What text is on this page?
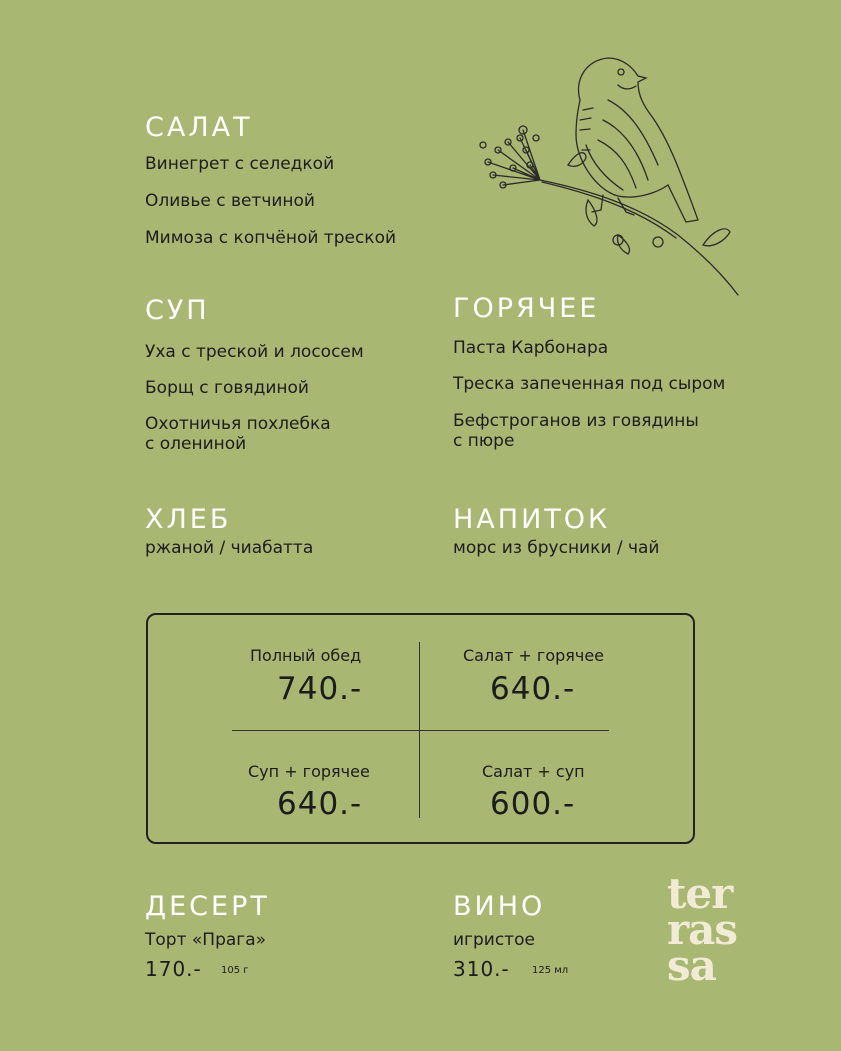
САЛАТ
Винегрет с селедкой
Оливье с ветчиной
Мимоза с копчёной треской
СУП
Уха с треской и лососем
Борщ с говядиной
Охотничья похлебка
с олениной
ГОРЯЧЕЕ
Паста Карбонара
Треска запеченная под сыром
Бефстроганов из говядины
с пюре
ХЛЕБ
ржаной / чиабатта
НАПИТОК
морс из брусники / чай
Полный обед
740.-
Салат + горячее
640.-
Суп + горячее
640.-
Салат + суп
600.-
ДЕСЕРТ
Торт «Прага»
170.- 105 г
ВИНО
игристое
310.- 125 мл
ter
ras
sa
